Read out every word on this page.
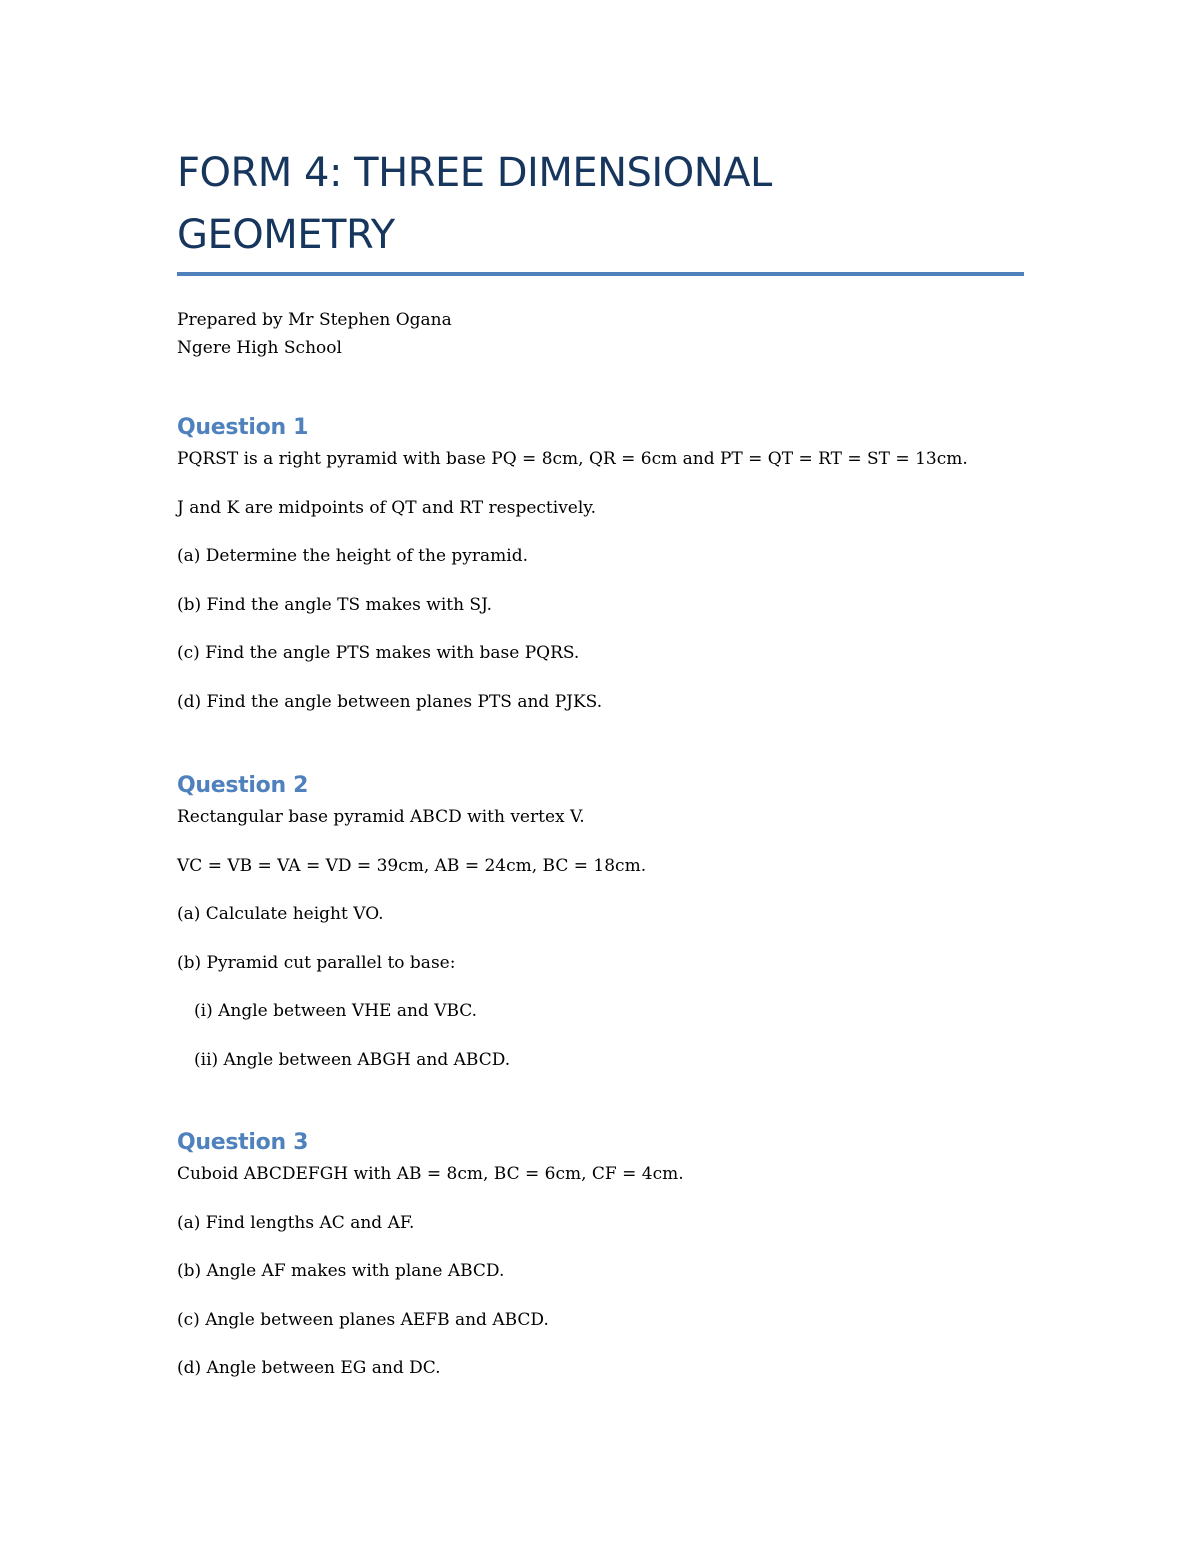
FORM 4: THREE DIMENSIONAL
GEOMETRY
Prepared by Mr Stephen Ogana
Ngere High School
Question 1
PQRST is a right pyramid with base PQ = 8cm, QR = 6cm and PT = QT = RT = ST = 13cm.
J and K are midpoints of QT and RT respectively.
(a) Determine the height of the pyramid.
(b) Find the angle TS makes with SJ.
(c) Find the angle PTS makes with base PQRS.
(d) Find the angle between planes PTS and PJKS.
Question 2
Rectangular base pyramid ABCD with vertex V.
VC = VB = VA = VD = 39cm, AB = 24cm, BC = 18cm.
(a) Calculate height VO.
(b) Pyramid cut parallel to base:
(i) Angle between VHE and VBC.
(ii) Angle between ABGH and ABCD.
Question 3
Cuboid ABCDEFGH with AB = 8cm, BC = 6cm, CF = 4cm.
(a) Find lengths AC and AF.
(b) Angle AF makes with plane ABCD.
(c) Angle between planes AEFB and ABCD.
(d) Angle between EG and DC.
